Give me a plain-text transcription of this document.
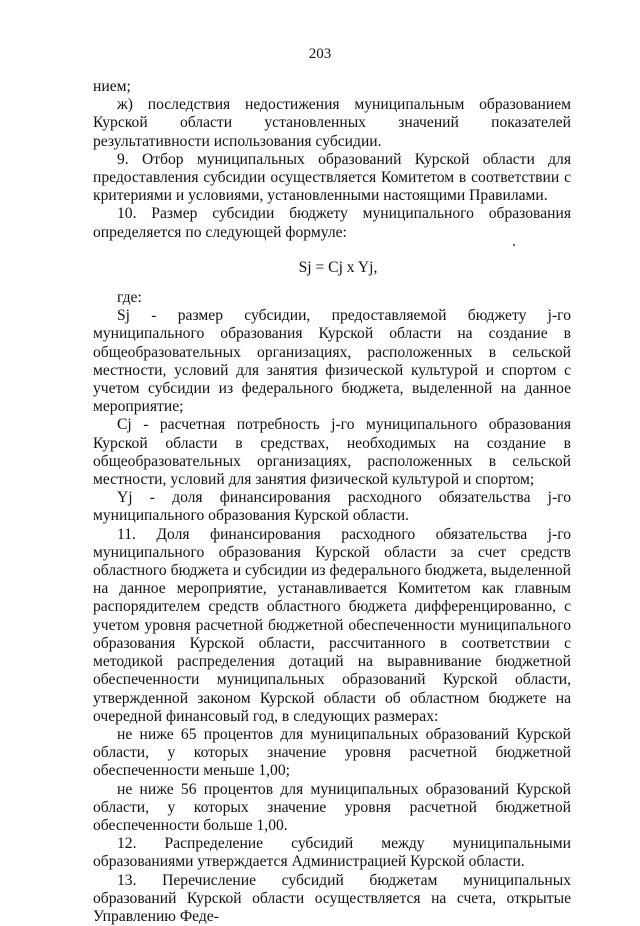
203

нием;

ж) последствия недостижения муниципальным образованием Курской области установленных значений показателей результативности использования субсидии.

9. Отбор муниципальных образований Курской области для предоставления субсидии осуществляется Комитетом в соответствии с критериями и условиями, установленными настоящими Правилами.

10. Размер субсидии бюджету муниципального образования определяется по следующей формуле:

Sj = Cj x Yj,

где:

Sj - размер субсидии, предоставляемой бюджету j-го муниципального образования Курской области на создание в общеобразовательных организациях, расположенных в сельской местности, условий для занятия физической культурой и спортом с учетом субсидии из федерального бюджета, выделенной на данное мероприятие;

Cj - расчетная потребность j-го муниципального образования Курской области в средствах, необходимых на создание в общеобразовательных организациях, расположенных в сельской местности, условий для занятия физической культурой и спортом;

Yj - доля финансирования расходного обязательства j-го муниципального образования Курской области.

11. Доля финансирования расходного обязательства j-го муниципального образования Курской области за счет средств областного бюджета и субсидии из федерального бюджета, выделенной на данное мероприятие, устанавливается Комитетом как главным распорядителем средств областного бюджета дифференцированно, с учетом уровня расчетной бюджетной обеспеченности муниципального образования Курской области, рассчитанного в соответствии с методикой распределения дотаций на выравнивание бюджетной обеспеченности муниципальных образований Курской области, утвержденной законом Курской области об областном бюджете на очередной финансовый год, в следующих размерах:

не ниже 65 процентов для муниципальных образований Курской области, у которых значение уровня расчетной бюджетной обеспеченности меньше 1,00;

не ниже 56 процентов для муниципальных образований Курской области, у которых значение уровня расчетной бюджетной обеспеченности больше 1,00.

12. Распределение субсидий между муниципальными образованиями утверждается Администрацией Курской области.

13. Перечисление субсидий бюджетам муниципальных образований Курской области осуществляется на счета, открытые Управлению Феде-
